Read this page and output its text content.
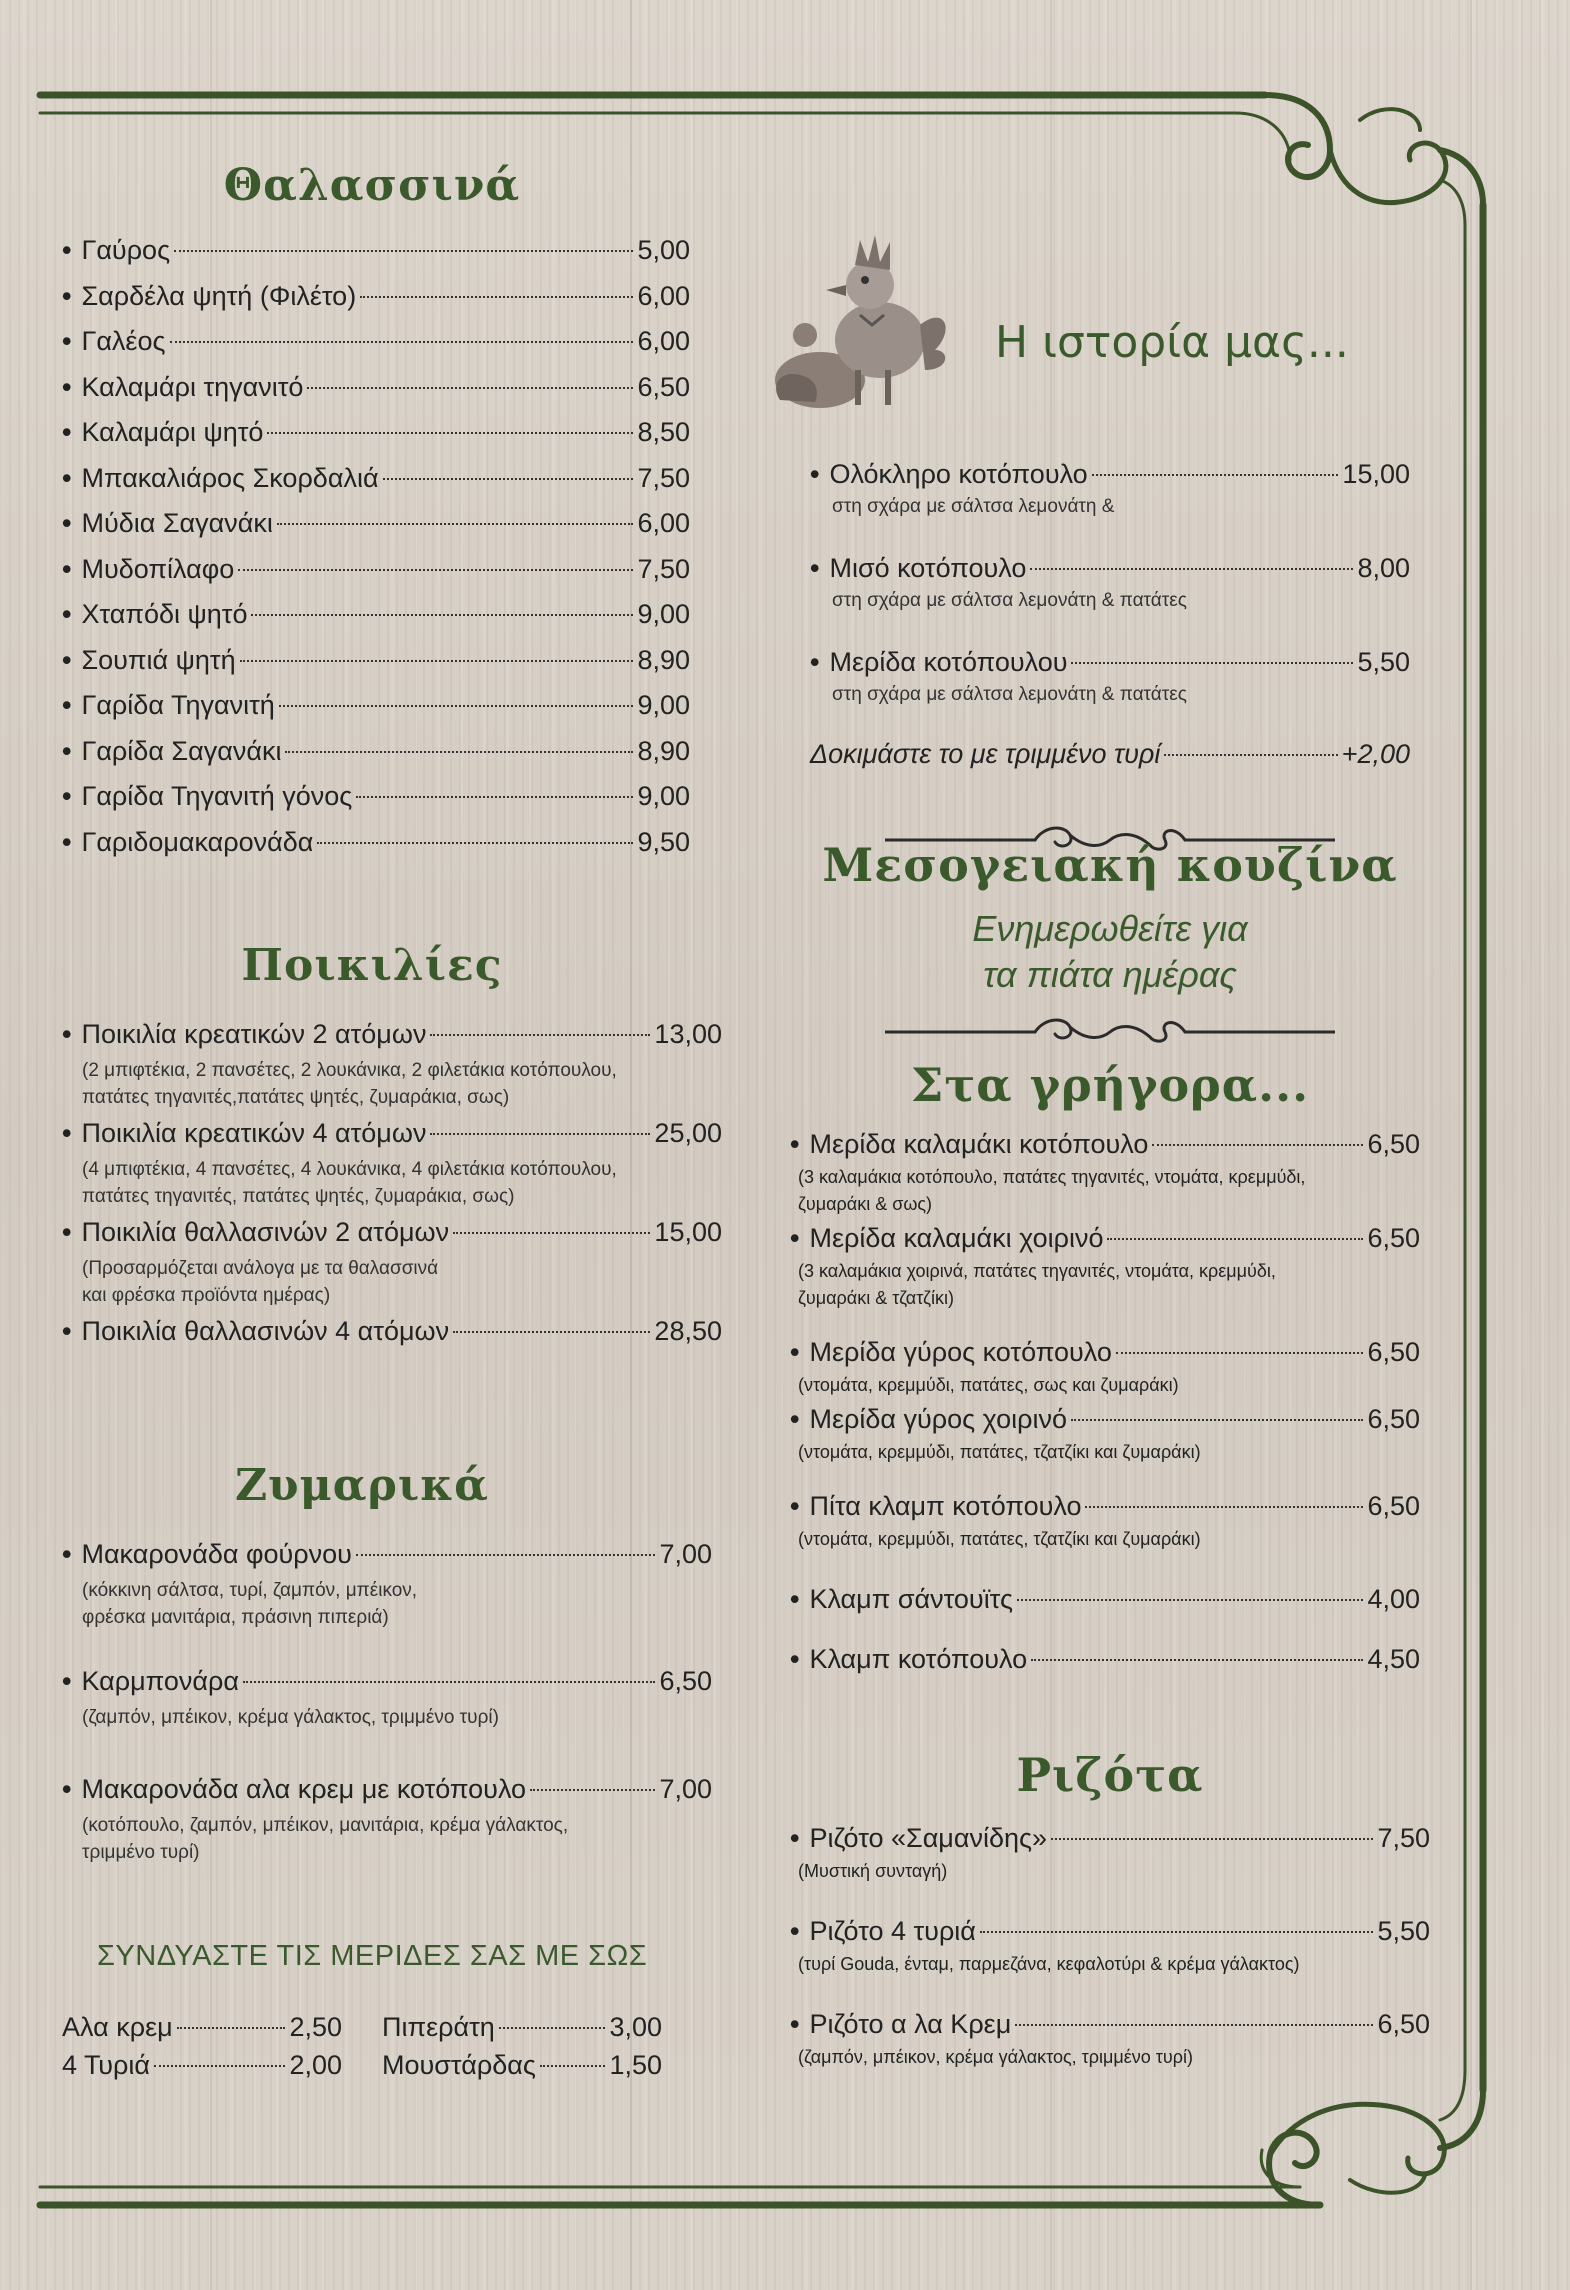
Θαλασσινά
• Γαύρος	5,00
• Σαρδέλα ψητή (Φιλέτο)	6,00
• Γαλέος	6,00
• Καλαμάρι τηγανιτό	6,50
• Καλαμάρι ψητό	8,50
• Μπακαλιάρος Σκορδαλιά	7,50
• Μύδια Σαγανάκι	6,00
• Μυδοπίλαφο	7,50
• Χταπόδι ψητό	9,00
• Σουπιά ψητή	8,90
• Γαρίδα Τηγανιτή	9,00
• Γαρίδα Σαγανάκι	8,90
• Γαρίδα Τηγανιτή γόνος	9,00
• Γαριδομακαρονάδα	9,50
Ποικιλίες
• Ποικιλία κρεατικών 2 ατόμων	13,00
(2 μπιφτέκια, 2 πανσέτες, 2 λουκάνικα, 2 φιλετάκια κοτόπουλου,
πατάτες τηγανιτές,πατάτες ψητές, ζυμαράκια, σως)
• Ποικιλία κρεατικών 4 ατόμων	25,00
(4 μπιφτέκια, 4 πανσέτες, 4 λουκάνικα, 4 φιλετάκια κοτόπουλου,
πατάτες τηγανιτές, πατάτες ψητές, ζυμαράκια, σως)
• Ποικιλία θαλλασινών 2 ατόμων	15,00
(Προσαρμόζεται ανάλογα με τα θαλασσινά
και φρέσκα προϊόντα ημέρας)
• Ποικιλία θαλλασινών 4 ατόμων	28,50
Ζυμαρικά
• Μακαρονάδα φούρνου	7,00
(κόκκινη σάλτσα, τυρί, ζαμπόν, μπέικον,
φρέσκα μανιτάρια, πράσινη πιπεριά)
• Καρμπονάρα	6,50
(ζαμπόν, μπέικον, κρέμα γάλακτος, τριμμένο τυρί)
• Μακαρονάδα αλα κρεμ με κοτόπουλο	7,00
(κοτόπουλο, ζαμπόν, μπέικον, μανιτάρια, κρέμα γάλακτος,
τριμμένο τυρί)
ΣΥΝΔΥΑΣΤΕ ΤΙΣ ΜΕΡΙΔΕΣ ΣΑΣ ΜΕ ΣΩΣ
Αλα κρεμ	2,50 Πιπεράτη	3,00
4 Τυριά	2,00 Μουστάρδας	1,50
Η ιστορία μας...
• Ολόκληρο κοτόπουλο	15,00
στη σχάρα με σάλτσα λεμονάτη &
• Μισό κοτόπουλο	8,00
στη σχάρα με σάλτσα λεμονάτη & πατάτες
• Μερίδα κοτόπουλου	5,50
στη σχάρα με σάλτσα λεμονάτη & πατάτες
Δοκιμάστε το με τριμμένο τυρί	+2,00
Μεσογειακή κουζίνα
Ενημερωθείτε για
τα πιάτα ημέρας
Στα γρήγορα...
• Μερίδα καλαμάκι κοτόπουλο	6,50
(3 καλαμάκια κοτόπουλο, πατάτες τηγανιτές, ντομάτα, κρεμμύδι,
ζυμαράκι & σως)
• Μερίδα καλαμάκι χοιρινό	6,50
(3 καλαμάκια χοιρινά, πατάτες τηγανιτές, ντομάτα, κρεμμύδι,
ζυμαράκι & τζατζίκι)
• Μερίδα γύρος κοτόπουλο	6,50
(ντομάτα, κρεμμύδι, πατάτες, σως και ζυμαράκι)
• Μερίδα γύρος χοιρινό	6,50
(ντομάτα, κρεμμύδι, πατάτες, τζατζίκι και ζυμαράκι)
• Πίτα κλαμπ κοτόπουλο	6,50
(ντομάτα, κρεμμύδι, πατάτες, τζατζίκι και ζυμαράκι)
• Κλαμπ σάντουϊτς	4,00
• Κλαμπ κοτόπουλο	4,50
Ριζότα
• Ριζότο «Σαμανίδης»	7,50
(Μυστική συνταγή)
• Ριζότο 4 τυριά	5,50
(τυρί Gouda, ένταμ, παρμεζάνα, κεφαλοτύρι & κρέμα γάλακτος)
• Ριζότο α λα Κρεμ	6,50
(ζαμπόν, μπέικον, κρέμα γάλακτος, τριμμένο τυρί)
